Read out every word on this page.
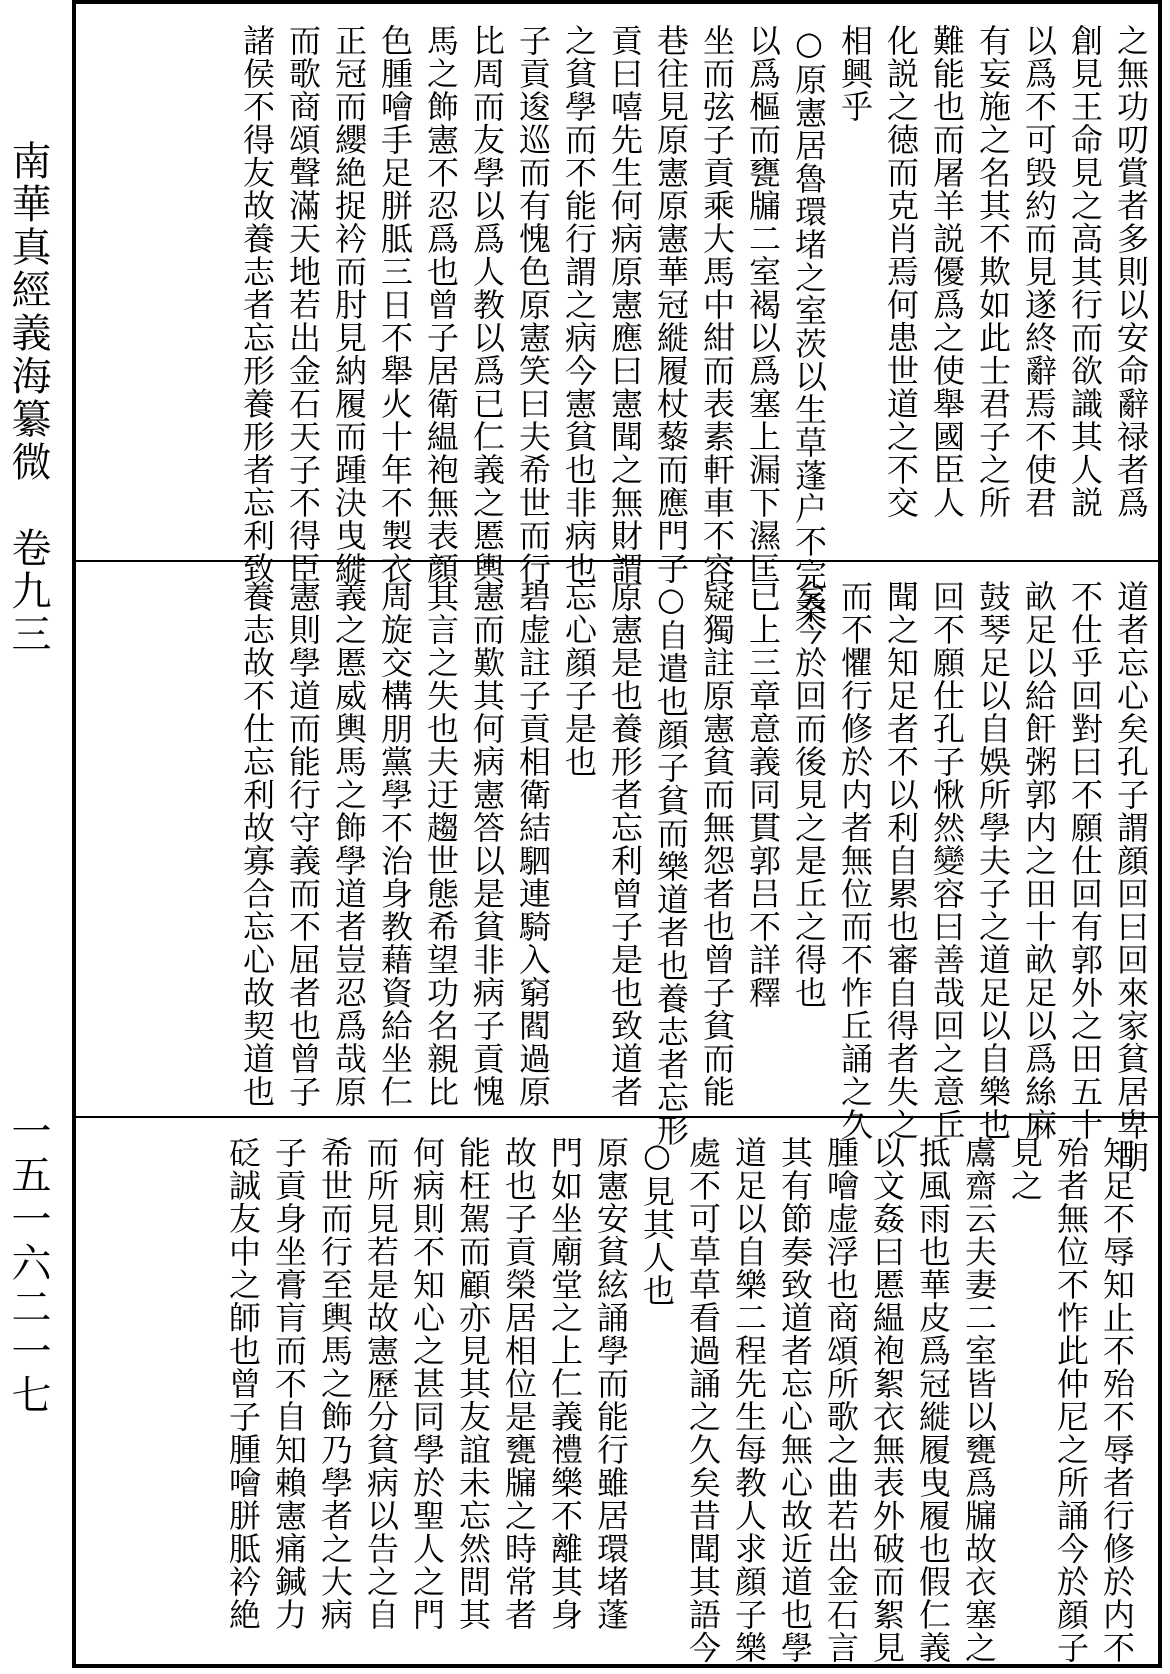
南華真經義海纂微　卷九三
一五一六二一七
之無功叨賞者多則以安命辭禄者爲
創見王命見之高其行而欲識其人説
以爲不可毁約而見遂終辭焉不使君
有妄施之名其不欺如此士君子之所
難能也而屠羊説優爲之使舉國臣人
化説之徳而克肖焉何患世道之不交
相興乎
○原憲居魯環堵之室茨以生草蓬户不完桑
以爲樞而甕牖二室褐以爲塞上漏下濕匡
坐而弦子貢乘大馬中紺而表素軒車不容
巷往見原憲原憲華冠縰履杖藜而應門子
貢曰嘻先生何病原憲應曰憲聞之無財謂
之貧學而不能行謂之病今憲貧也非病也
子貢逡巡而有愧色原憲笑曰夫希世而行
比周而友學以爲人教以爲已仁義之慝輿
馬之飾憲不忍爲也曾子居衛緼袍無表顔
色腫噲手足胼胝三日不舉火十年不製衣
正冠而纓絶捉衿而肘見納履而踵決曳縰
而歌商頌聲滿天地若出金石天子不得臣
諸侯不得友故養志者忘形養形者忘利致
道者忘心矣孔子謂顔回曰回來家貧居卑胡
不仕乎回對曰不願仕回有郭外之田五十
畝足以給飦粥郭内之田十畝足以爲絲麻
鼓琴足以自娛所學夫子之道足以自樂也
回不願仕孔子愀然變容曰善哉回之意丘
聞之知足者不以利自累也審自得者失之
而不懼行修於内者無位而不怍丘誦之久
矣今於回而後見之是丘之得也
已上三章意義同貫郭吕不詳釋
疑獨註原憲貧而無怨者也曾子貧而能
○自遣也顔子貧而樂道者也養志者忘形
原憲是也養形者忘利曾子是也致道者
忘心顔子是也
碧虚註子貢相衛結駟連騎入窮閻過原
憲而歎其何病憲答以是貧非病子貢愧
其言之失也夫迂趨世態希望功名親比
周旋交構朋黨學不治身教藉資給坐仁
義之慝威輿馬之飾學道者豈忍爲哉原
憲則學道而能行守義而不屈者也曾子
養志故不仕忘利故寡合忘心故契道也
知足不辱知止不殆不辱者行修於内不
殆者無位不怍此仲尼之所誦今於顔子
見之
鬳齋云夫妻二室皆以甕爲牖故衣塞之
抵風雨也華皮爲冠縰履曳履也假仁義
以文姦曰慝緼袍絮衣無表外破而絮見
腫噲虚浮也商頌所歌之曲若出金石言
其有節奏致道者忘心無心故近道也學
道足以自樂二程先生每教人求顔子樂
處不可草草看過誦之久矣昔聞其語今
○見其人也
原憲安貧絃誦學而能行雖居環堵蓬
門如坐廟堂之上仁義禮樂不離其身
故也子貢榮居相位是甕牖之時常者
能枉駕而顧亦見其友誼未忘然問其
何病則不知心之甚同學於聖人之門
而所見若是故憲歷分貧病以告之自
希世而行至輿馬之飾乃學者之大病
子貢身坐膏肓而不自知賴憲痛鍼力
砭誠友中之師也曾子腫噲胼胝衿絶
